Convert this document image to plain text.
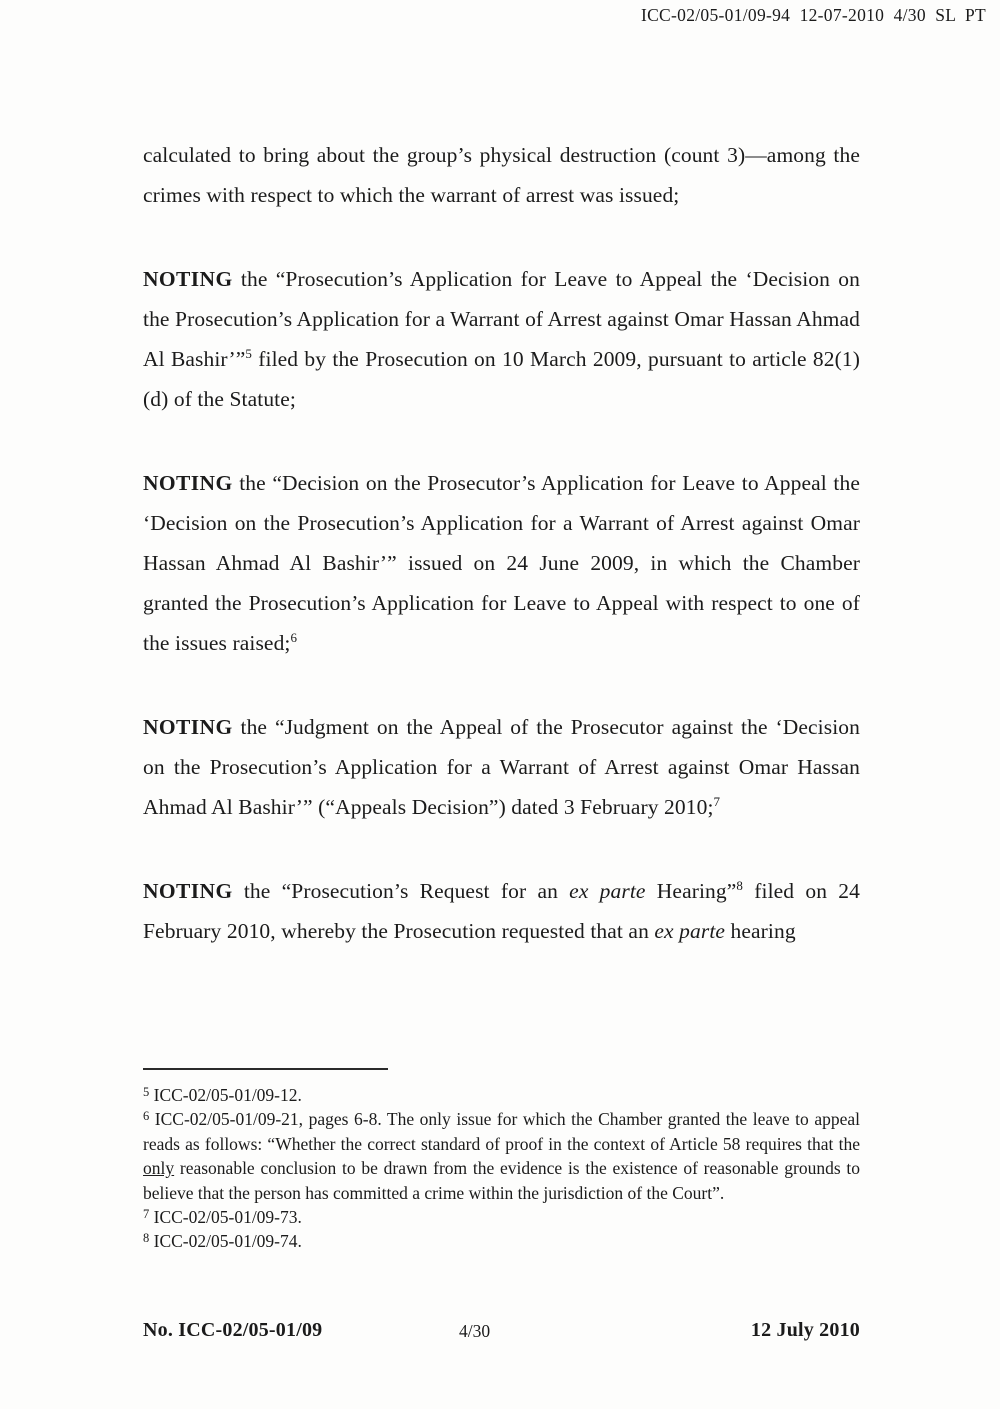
ICC-02/05-01/09-94  12-07-2010  4/30  SL  PT

calculated to bring about the group’s physical destruction (count 3)—among the crimes with respect to which the warrant of arrest was issued;

NOTING the “Prosecution’s Application for Leave to Appeal the ‘Decision on the Prosecution’s Application for a Warrant of Arrest against Omar Hassan Ahmad Al Bashir’”$^5$ filed by the Prosecution on 10 March 2009, pursuant to article 82(1)(d) of the Statute;

NOTING the “Decision on the Prosecutor’s Application for Leave to Appeal the ‘Decision on the Prosecution’s Application for a Warrant of Arrest against Omar Hassan Ahmad Al Bashir’” issued on 24 June 2009, in which the Chamber granted the Prosecution’s Application for Leave to Appeal with respect to one of the issues raised;$^6$

NOTING the “Judgment on the Appeal of the Prosecutor against the ‘Decision on the Prosecution’s Application for a Warrant of Arrest against Omar Hassan Ahmad Al Bashir’” (“Appeals Decision”) dated 3 February 2010;$^7$

NOTING the “Prosecution’s Request for an ex parte Hearing”$^8$ filed on 24 February 2010, whereby the Prosecution requested that an ex parte hearing

$^5$ ICC-02/05-01/09-12.

$^6$ ICC-02/05-01/09-21, pages 6-8. The only issue for which the Chamber granted the leave to appeal reads as follows: “Whether the correct standard of proof in the context of Article 58 requires that the only reasonable conclusion to be drawn from the evidence is the existence of reasonable grounds to believe that the person has committed a crime within the jurisdiction of the Court”.

$^7$ ICC-02/05-01/09-73.

$^8$ ICC-02/05-01/09-74.

No. ICC-02/05-01/09	4/30	12 July 2010
